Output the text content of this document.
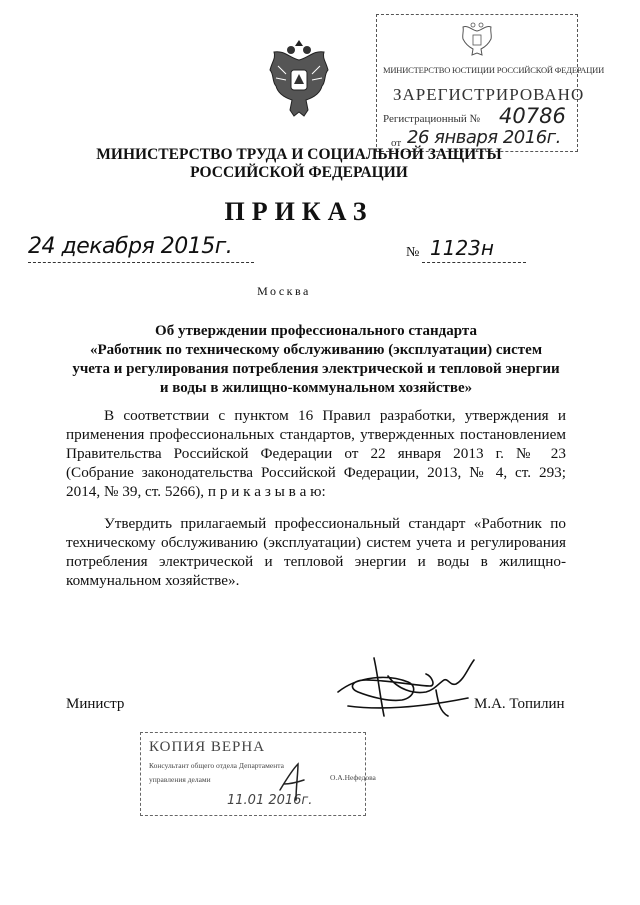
МИНИСТЕРСТВО ЮСТИЦИИ РОССИЙСКОЙ ФЕДЕРАЦИИ
ЗАРЕГИСТРИРОВАНО
Регистрационный № 40786
от 26 января 2016г.
МИНИСТЕРСТВО ТРУДА И СОЦИАЛЬНОЙ ЗАЩИТЫ
РОССИЙСКОЙ ФЕДЕРАЦИИ
ПРИКАЗ
24 декабря 2015г.	№ 1123н
Москва
Об утверждении профессионального стандарта
«Работник по техническому обслуживанию (эксплуатации) систем
учета и регулирования потребления электрической и тепловой энергии
и воды в жилищно-коммунальном хозяйстве»
В соответствии с пунктом 16 Правил разработки, утверждения и
применения профессиональных стандартов, утвержденных постановлением
Правительства Российской Федерации от 22 января 2013 г. № 23
(Собрание законодательства Российской Федерации, 2013, № 4, ст. 293;
2014, № 39, ст. 5266), п р и к а з ы в а ю:
Утвердить прилагаемый профессиональный стандарт «Работник по
техническому обслуживанию (эксплуатации) систем учета и регулирования
потребления электрической и тепловой энергии и воды в жилищно-
коммунальном хозяйстве».
Министр	М.А. Топилин
КОПИЯ ВЕРНА
Консультант общего отдела Департамента
управления делами
11.01 2016г.
О.А.Нефедова
